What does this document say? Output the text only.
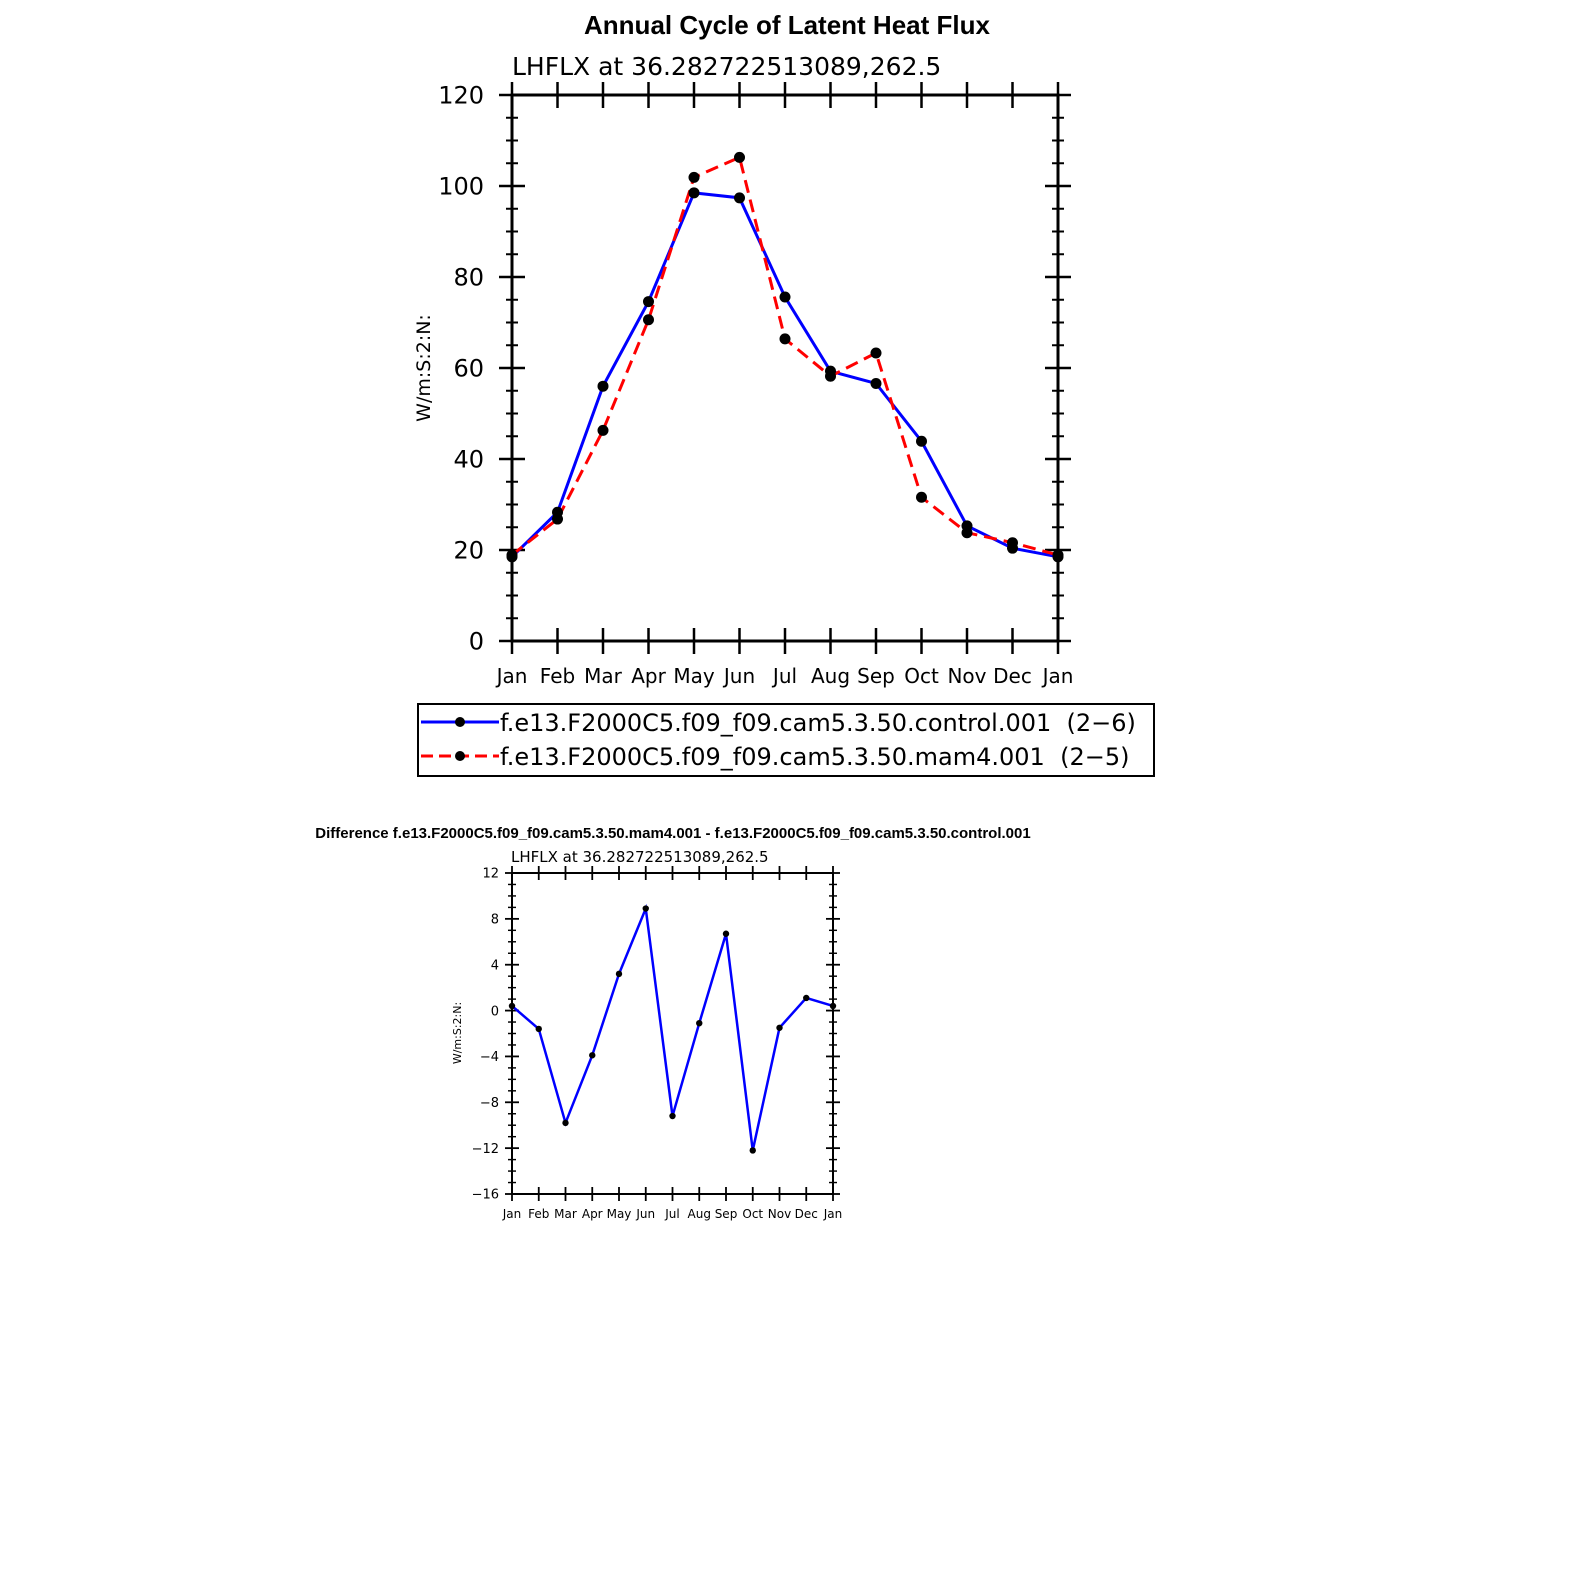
Annual Cycle of Latent Heat Flux
LHFLX at 36.282722513089,262.5
W/m:S:2:N:
0
20
40
60
80
100
120
Jan Feb Mar Apr May Jun Jul Aug Sep Oct Nov Dec Jan
f.e13.F2000C5.f09_f09.cam5.3.50.control.001  (2−6)
f.e13.F2000C5.f09_f09.cam5.3.50.mam4.001  (2−5)
Difference f.e13.F2000C5.f09_f09.cam5.3.50.mam4.001 - f.e13.F2000C5.f09_f09.cam5.3.50.control.001
LHFLX at 36.282722513089,262.5
W/m:S:2:N:
−16
−12
−8
−4
0
4
8
12
Jan Feb Mar Apr May Jun Jul Aug Sep Oct Nov Dec Jan
